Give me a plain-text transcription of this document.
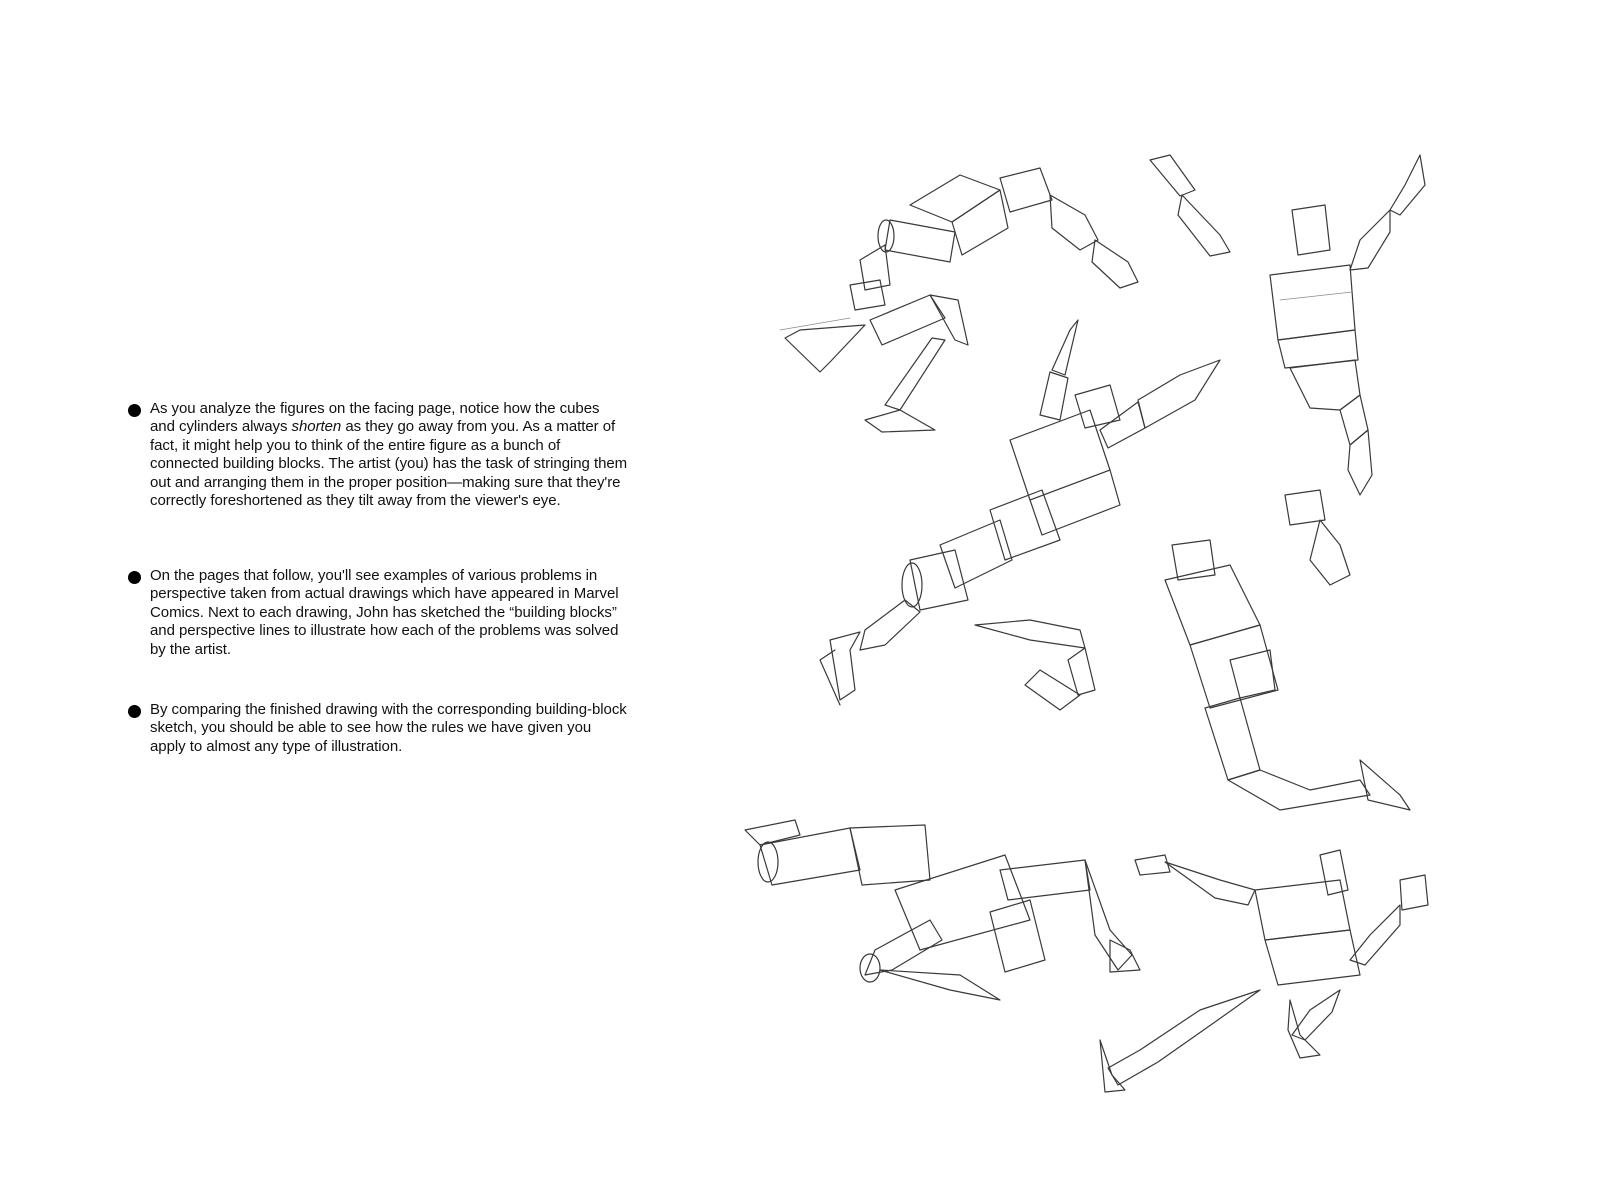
As you analyze the figures on the facing page, notice how the cubes and cylinders always shorten as they go away from you. As a matter of fact, it might help you to think of the entire figure as a bunch of connected building blocks. The artist (you) has the task of stringing them out and arranging them in the proper position—making sure that they're correctly foreshortened as they tilt away from the viewer's eye.
On the pages that follow, you'll see examples of various problems in perspective taken from actual drawings which have appeared in Marvel Comics. Next to each drawing, John has sketched the “building blocks” and perspective lines to illustrate how each of the problems was solved by the artist.
By comparing the finished drawing with the corresponding building-block sketch, you should be able to see how the rules we have given you apply to almost any type of illustration.
